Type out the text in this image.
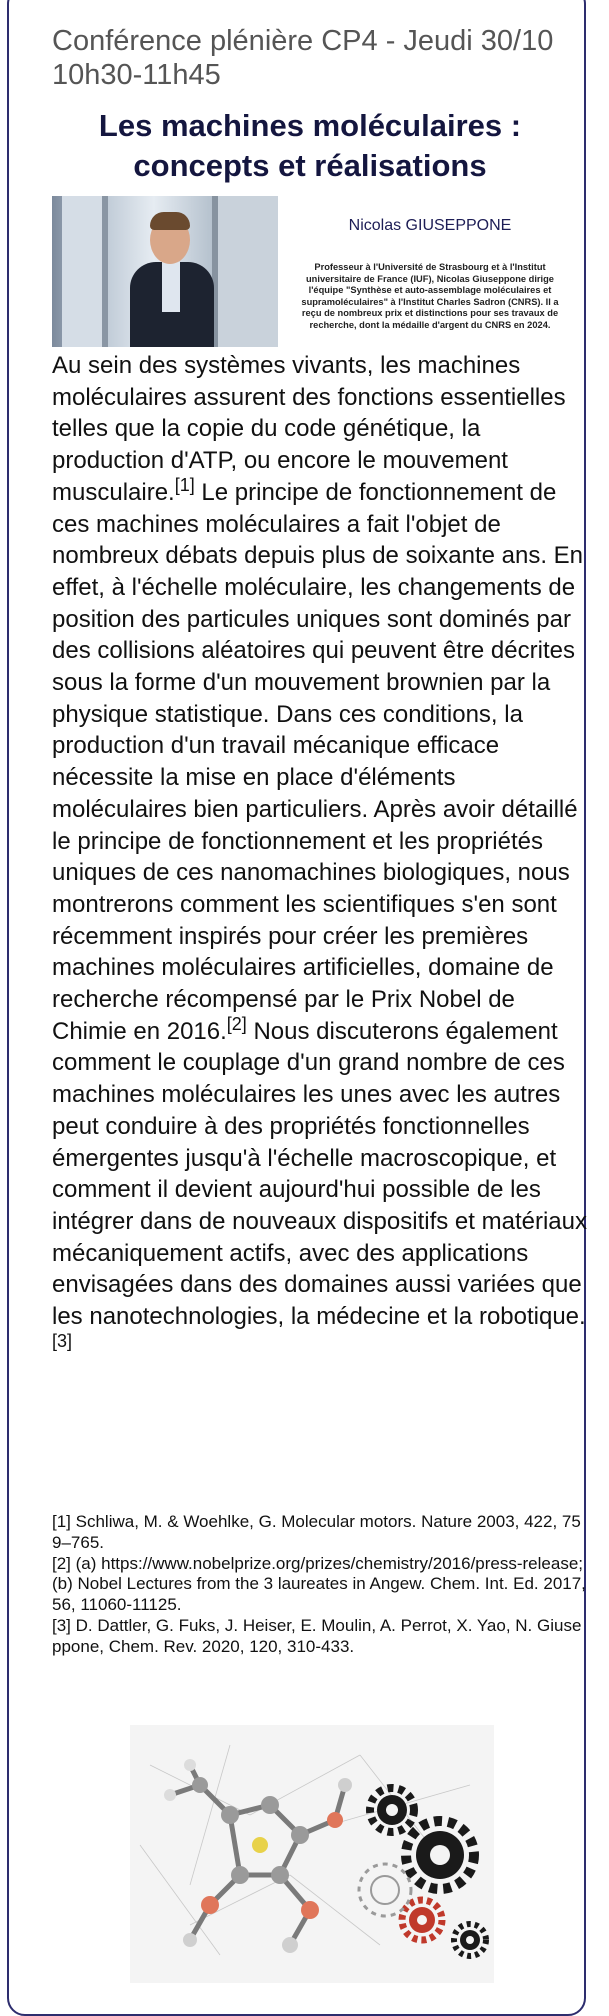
Conférence plénière CP4 - Jeudi 30/10 10h30-11h45
Les machines moléculaires : concepts et réalisations
Nicolas GIUSEPPONE
Professeur à l'Université de Strasbourg et à l'Institut universitaire de France (IUF), Nicolas Giuseppone dirige l'équipe "Synthèse et auto-assemblage moléculaires et supramoléculaires" à l'Institut Charles Sadron (CNRS). Il a reçu de nombreux prix et distinctions pour ses travaux de recherche, dont la médaille d'argent du CNRS en 2024.
Au sein des systèmes vivants, les machines moléculaires assurent des fonctions essentielles telles que la copie du code génétique, la production d'ATP, ou encore le mouvement musculaire.[1] Le principe de fonctionnement de ces machines moléculaires a fait l'objet de nombreux débats depuis plus de soixante ans. En effet, à l'échelle moléculaire, les changements de position des particules uniques sont dominés par des collisions aléatoires qui peuvent être décrites sous la forme d'un mouvement brownien par la physique statistique. Dans ces conditions, la production d'un travail mécanique efficace nécessite la mise en place d'éléments moléculaires bien particuliers. Après avoir détaillé le principe de fonctionnement et les propriétés uniques de ces nanomachines biologiques, nous montrerons comment les scientifiques s'en sont récemment inspirés pour créer les premières machines moléculaires artificielles, domaine de recherche récompensé par le Prix Nobel de Chimie en 2016.[2] Nous discuterons également comment le couplage d'un grand nombre de ces machines moléculaires les unes avec les autres peut conduire à des propriétés fonctionnelles émergentes jusqu'à l'échelle macroscopique, et comment il devient aujourd'hui possible de les intégrer dans de nouveaux dispositifs et matériaux mécaniquement actifs, avec des applications envisagées dans des domaines aussi variées que les nanotechnologies, la médecine et la robotique.[3]
[1] Schliwa, M. & Woehlke, G. Molecular motors. Nature 2003, 422, 759–765.
[2] (a) https://www.nobelprize.org/prizes/chemistry/2016/press-release; (b) Nobel Lectures from the 3 laureates in Angew. Chem. Int. Ed. 2017, 56, 11060-11125.
[3] D. Dattler, G. Fuks, J. Heiser, E. Moulin, A. Perrot, X. Yao, N. Giuseppone, Chem. Rev. 2020, 120, 310-433.
